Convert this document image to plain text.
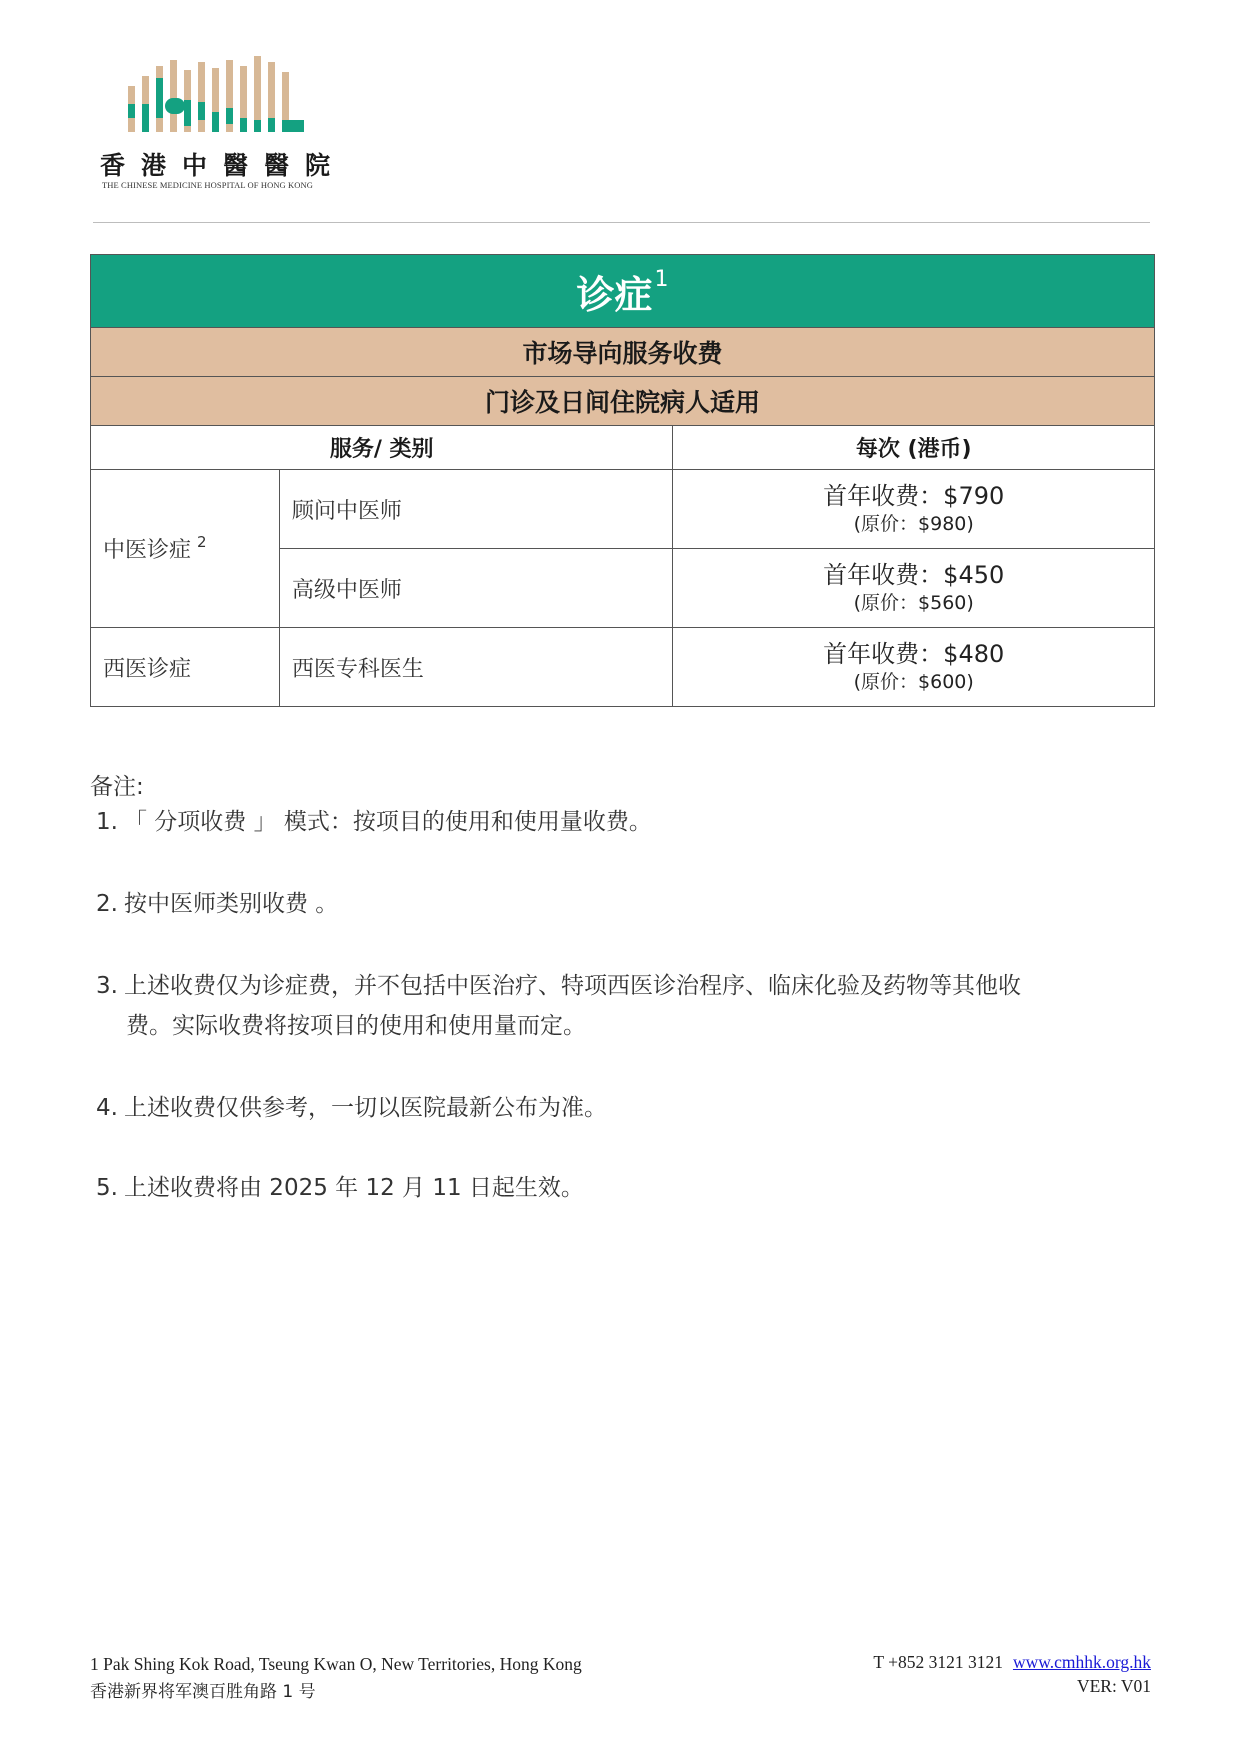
香港中醫醫院
THE CHINESE MEDICINE HOSPITAL OF HONG KONG
诊症$^1$
市场导向服务收费		
门诊及日间住院病人适用		
服务/ 类别		每次 (港币)
中医诊症 $^2$	顾问中医师	首年收费：$790
(原价：$980)

	高级中医师	首年收费：$450
(原价：$560)

西医诊症	西医专科医生	首年收费：$480
(原价：$600)
备注:
1. 「 分项收费 」 模式：按项目的使用和使用量收费。
2. 按中医师类别收费 。
3. 上述收费仅为诊症费，并不包括中医治疗、特项西医诊治程序、临床化验及药物等其他收
费。实际收费将按项目的使用和使用量而定。
4. 上述收费仅供参考，一切以医院最新公布为准。
5. 上述收费将由 2025 年 12 月 11 日起生效。
1 Pak Shing Kok Road, Tseung Kwan O, New Territories, Hong Kong
香港新界将军澳百胜角路 1 号
T +852 3121 3121 www.cmhhk.org.hk
VER: V01
